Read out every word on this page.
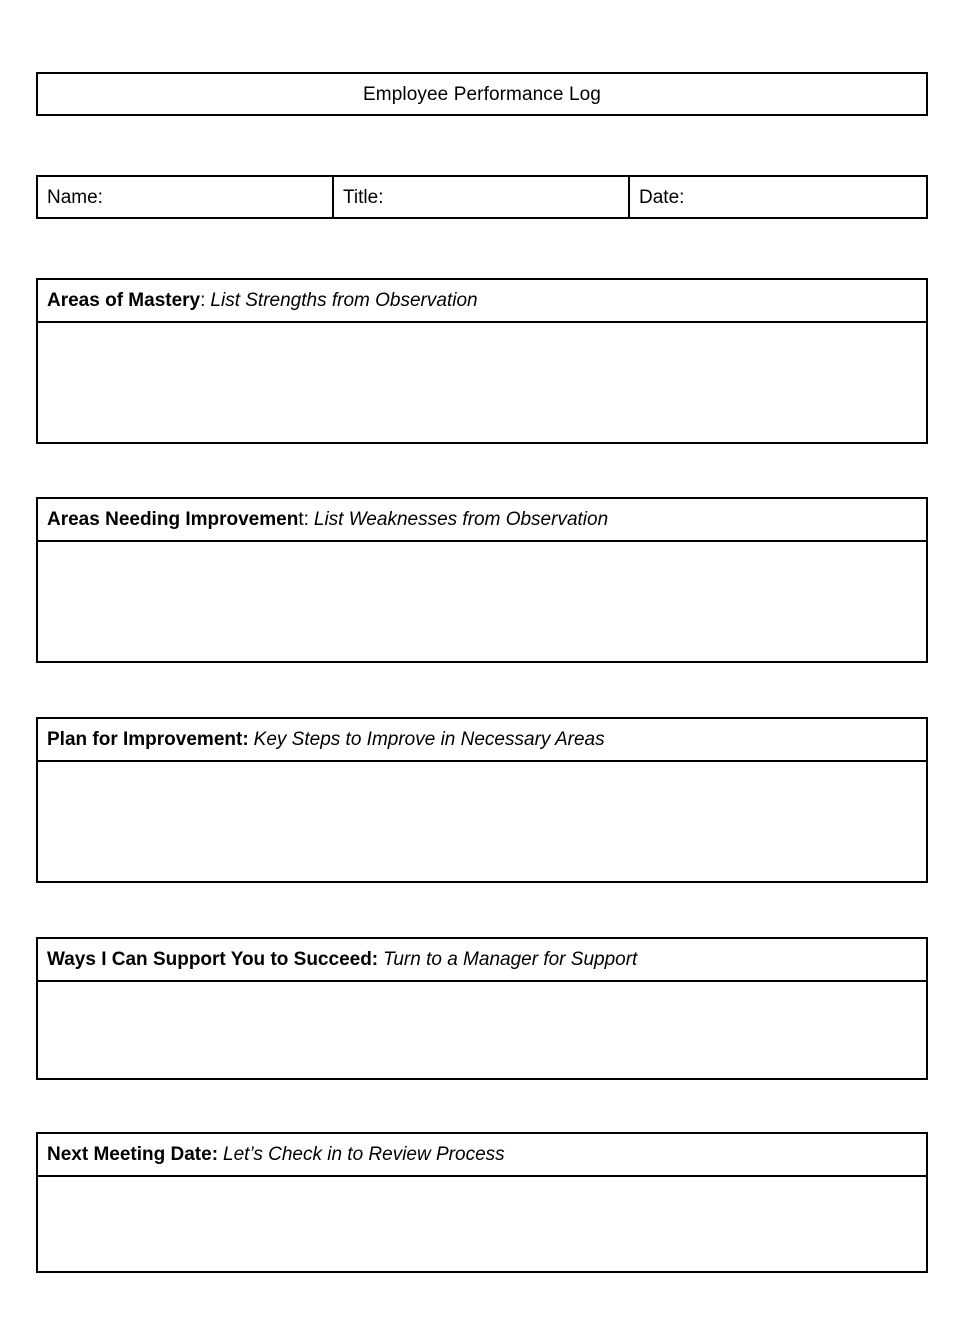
Employee Performance Log
Name:	Title:	Date:
Areas of Mastery : List Strengths from Observation
Areas Needing Improvemen t: List Weaknesses from Observation
Plan for Improvement: Key Steps to Improve in Necessary Areas
Ways I Can Support You to Succeed: Turn to a Manager for Support
Next Meeting Date: Let’s Check in to Review Process
